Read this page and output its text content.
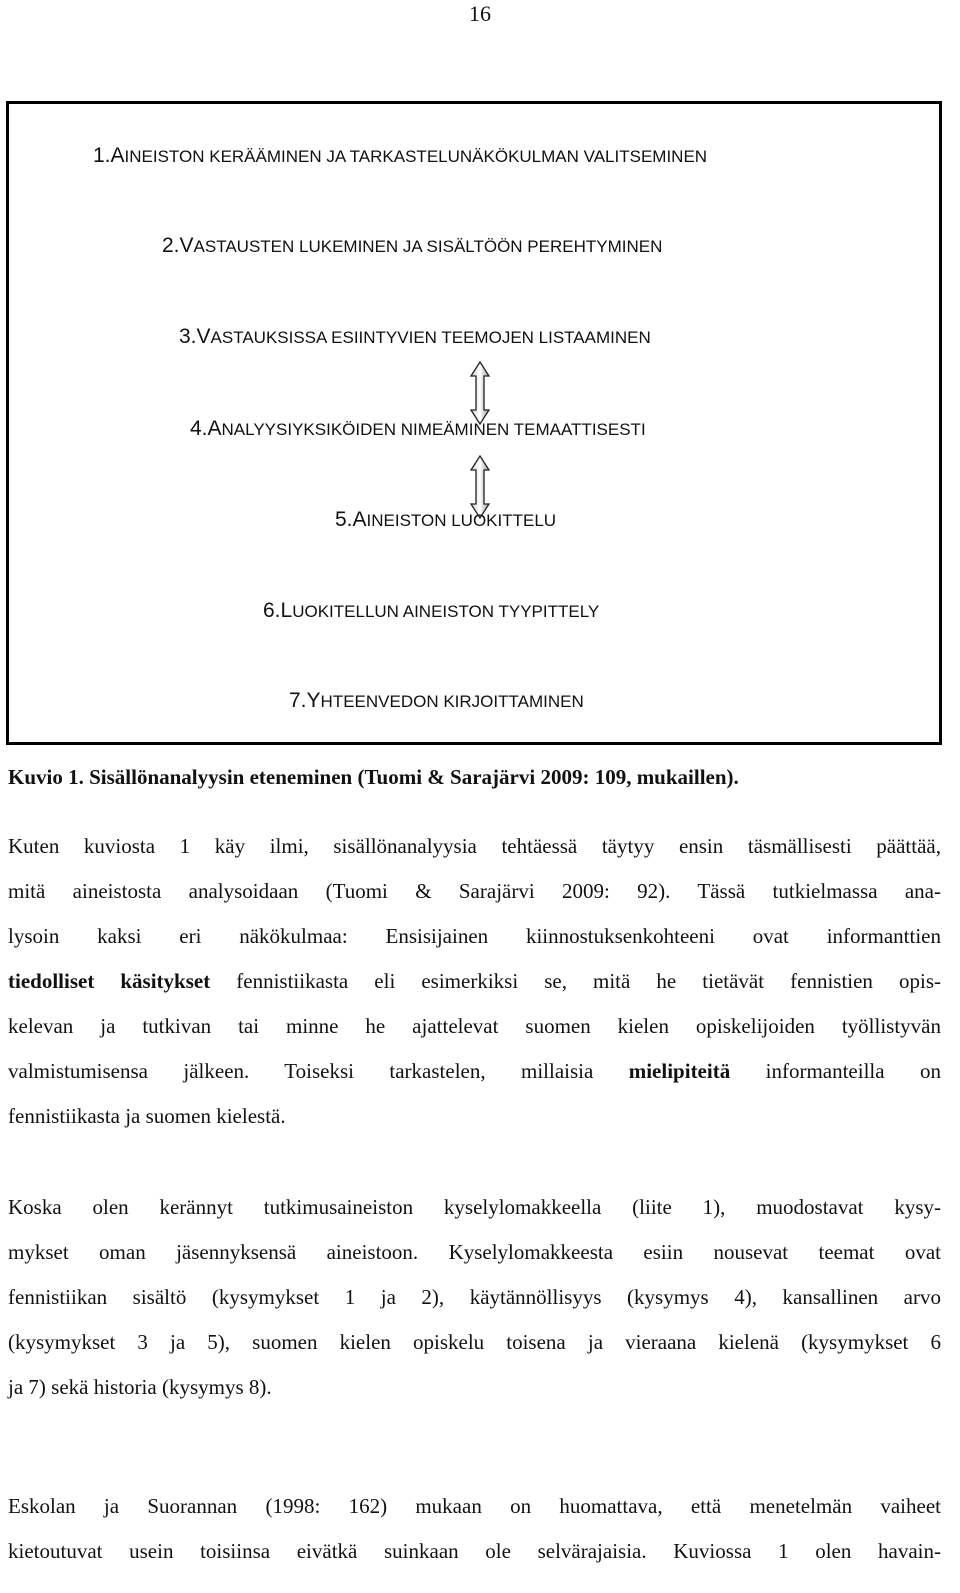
16
1.AINEISTON KERÄÄMINEN JA TARKASTELUNÄKÖKULMAN VALITSEMINEN
2.VASTAUSTEN LUKEMINEN JA SISÄLTÖÖN PEREHTYMINEN
3.VASTAUKSISSA ESIINTYVIEN TEEMOJEN LISTAAMINEN
4.ANALYYSIYKSIKÖIDEN NIMEÄMINEN TEMAATTISESTI
5.AINEISTON LUOKITTELU
6.LUOKITELLUN AINEISTON TYYPITTELY
7.YHTEENVEDON KIRJOITTAMINEN
Kuvio 1. Sisällönanalyysin eteneminen (Tuomi & Sarajärvi 2009: 109, mukaillen).
Kuten kuviosta 1 käy ilmi, sisällönanalyysia tehtäessä täytyy ensin täsmällisesti päättää,
mitä aineistosta analysoidaan (Tuomi & Sarajärvi 2009: 92). Tässä tutkielmassa ana-
lysoin kaksi eri näkökulmaa: Ensisijainen kiinnostuksenkohteeni ovat informanttien
tiedolliset käsitykset fennistiikasta eli esimerkiksi se, mitä he tietävät fennistien opis-
kelevan ja tutkivan tai minne he ajattelevat suomen kielen opiskelijoiden työllistyvän
valmistumisensa jälkeen. Toiseksi tarkastelen, millaisia mielipiteitä informanteilla on
fennistiikasta ja suomen kielestä.
Koska olen kerännyt tutkimusaineiston kyselylomakkeella (liite 1), muodostavat kysy-
mykset oman jäsennyksensä aineistoon. Kyselylomakkeesta esiin nousevat teemat ovat
fennistiikan sisältö (kysymykset 1 ja 2), käytännöllisyys (kysymys 4), kansallinen arvo
(kysymykset 3 ja 5), suomen kielen opiskelu toisena ja vieraana kielenä (kysymykset 6
ja 7) sekä historia (kysymys 8).
Eskolan ja Suorannan (1998: 162) mukaan on huomattava, että menetelmän vaiheet
kietoutuvat usein toisiinsa eivätkä suinkaan ole selvärajaisia. Kuviossa 1 olen havain-
